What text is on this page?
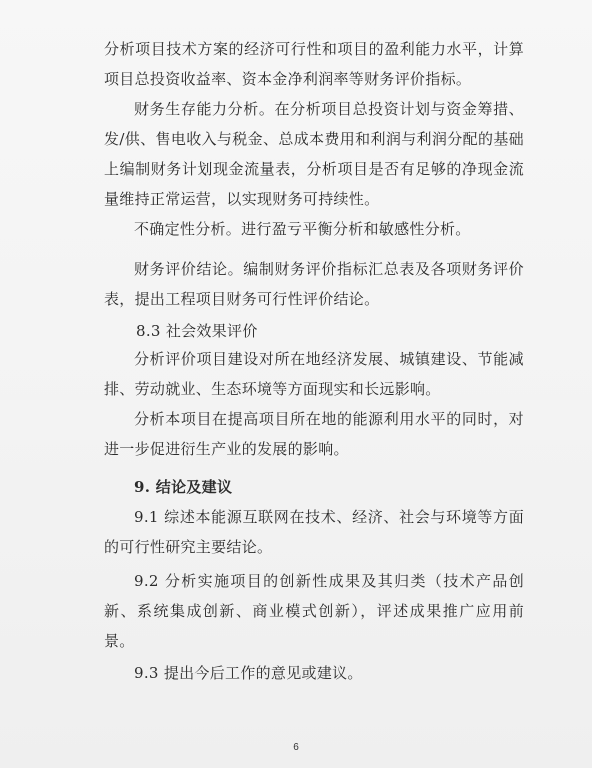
分析项目技术方案的经济可行性和项目的盈利能力水平，计算项目总投资收益率、资本金净利润率等财务评价指标。

财务生存能力分析。在分析项目总投资计划与资金筹措、发/供、售电收入与税金、总成本费用和利润与利润分配的基础上编制财务计划现金流量表，分析项目是否有足够的净现金流量维持正常运营，以实现财务可持续性。

不确定性分析。进行盈亏平衡分析和敏感性分析。

财务评价结论。编制财务评价指标汇总表及各项财务评价表，提出工程项目财务可行性评价结论。

8.3 社会效果评价

分析评价项目建设对所在地经济发展、城镇建设、节能减排、劳动就业、生态环境等方面现实和长远影响。

分析本项目在提高项目所在地的能源利用水平的同时，对进一步促进衍生产业的发展的影响。

9. 结论及建议

9.1 综述本能源互联网在技术、经济、社会与环境等方面的可行性研究主要结论。

9.2 分析实施项目的创新性成果及其归类（技术产品创新、系统集成创新、商业模式创新），评述成果推广应用前景。

9.3 提出今后工作的意见或建议。

6
